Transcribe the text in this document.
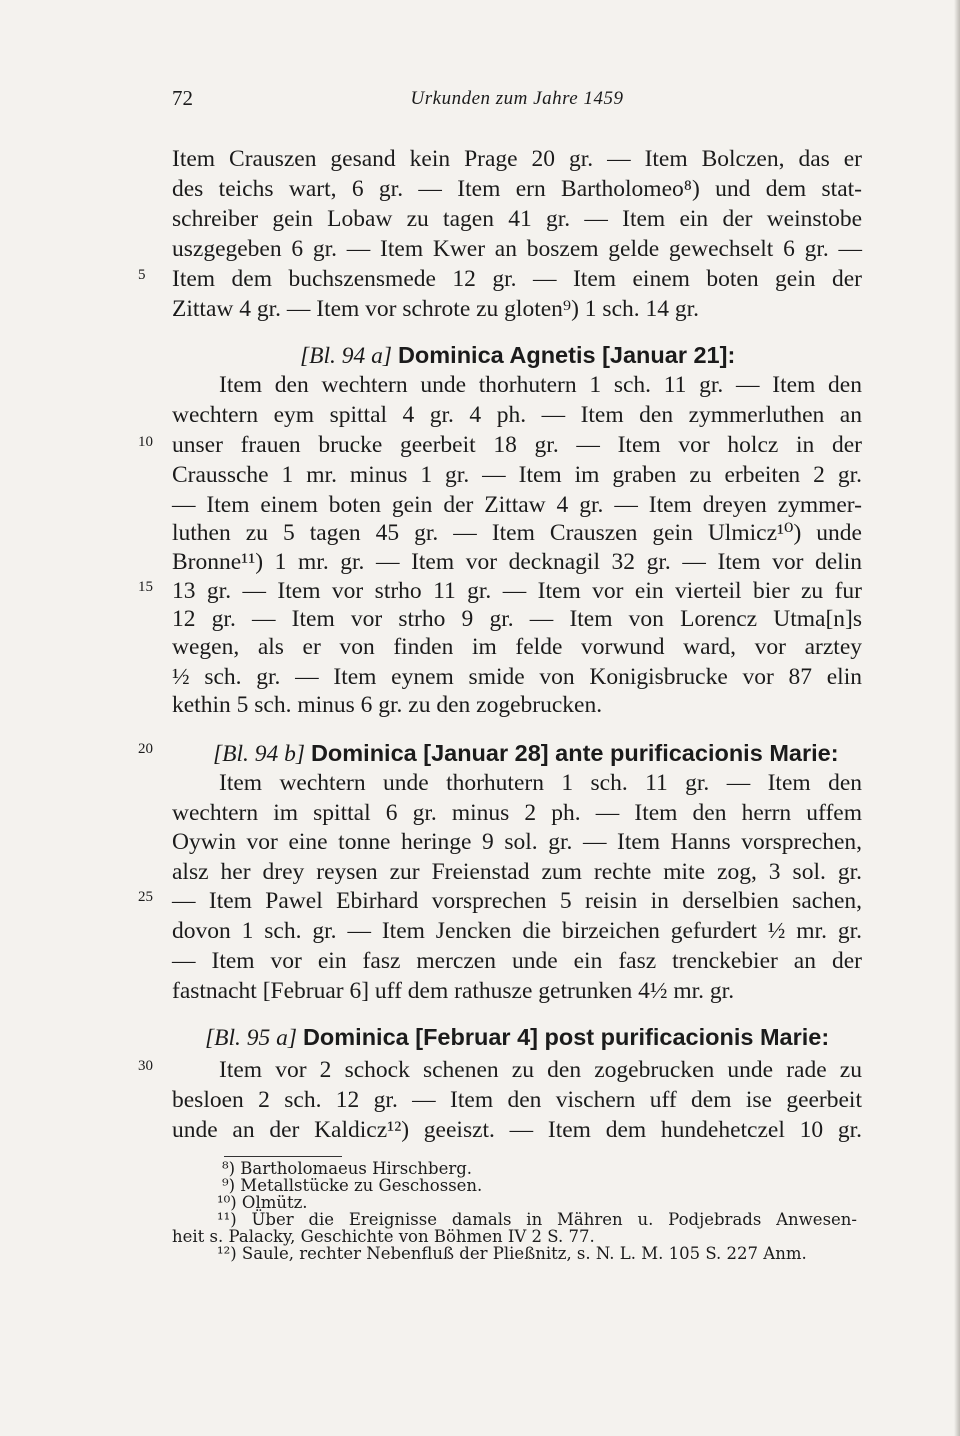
72	Urkunden zum Jahre 1459
Item Crauszen gesand kein Prage 20 gr. — Item Bolczen, das er
des teichs wart, 6 gr. — Item ern Bartholomeo⁸) und dem stat-
schreiber gein Lobaw zu tagen 41 gr. — Item ein der weinstobe
uszgegeben 6 gr. — Item Kwer an boszem gelde gewechselt 6 gr. —
Item dem buchszensmede 12 gr. — Item einem boten gein der
Zittaw 4 gr. — Item vor schrote zu gloten⁹) 1 sch. 14 gr.
[Bl. 94 a] Dominica Agnetis [Januar 21]:
Item den wechtern unde thorhutern 1 sch. 11 gr. — Item den
wechtern eym spittal 4 gr. 4 ph. — Item den zymmerluthen an
unser frauen brucke geerbeit 18 gr. — Item vor holcz in der
Craussche 1 mr. minus 1 gr. — Item im graben zu erbeiten 2 gr.
— Item einem boten gein der Zittaw 4 gr. — Item dreyen zymmer-
luthen zu 5 tagen 45 gr. — Item Crauszen gein Ulmicz¹⁰) unde
Bronne¹¹) 1 mr. gr. — Item vor decknagil 32 gr. — Item vor delin
13 gr. — Item vor strho 11 gr. — Item vor ein vierteil bier zu fur
12 gr. — Item vor strho 9 gr. — Item von Lorencz Utma[n]s
wegen, als er von finden im felde vorwund ward, vor arztey
½ sch. gr. — Item eynem smide von Konigisbrucke vor 87 elin
kethin 5 sch. minus 6 gr. zu den zogebrucken.
[Bl. 94 b] Dominica [Januar 28] ante purificacionis Marie:
Item wechtern unde thorhutern 1 sch. 11 gr. — Item den
wechtern im spittal 6 gr. minus 2 ph. — Item den herrn uffem
Oywin vor eine tonne heringe 9 sol. gr. — Item Hanns vorsprechen,
alsz her drey reysen zur Freienstad zum rechte mite zog, 3 sol. gr.
— Item Pawel Ebirhard vorsprechen 5 reisin in derselbien sachen,
dovon 1 sch. gr. — Item Jencken die birzeichen gefurdert ½ mr. gr.
— Item vor ein fasz merczen unde ein fasz trenckebier an der
fastnacht [Februar 6] uff dem rathusze getrunken 4½ mr. gr.
[Bl. 95 a] Dominica [Februar 4] post purificacionis Marie:
Item vor 2 schock schenen zu den zogebrucken unde rade zu
besloen 2 sch. 12 gr. — Item den vischern uff dem ise geerbeit
unde an der Kaldicz¹²) geeiszt. — Item dem hundehetczel 10 gr.
5
10
15
20
25
30
⁸) Bartholomaeus Hirschberg.
⁹) Metallstücke zu Geschossen.
¹⁰) Olmütz.
¹¹) Über die Ereignisse damals in Mähren u. Podjebrads Anwesen-
heit s. Palacky, Geschichte von Böhmen IV 2 S. 77.
¹²) Saule, rechter Nebenfluß der Pließnitz, s. N. L. M. 105 S. 227 Anm.
